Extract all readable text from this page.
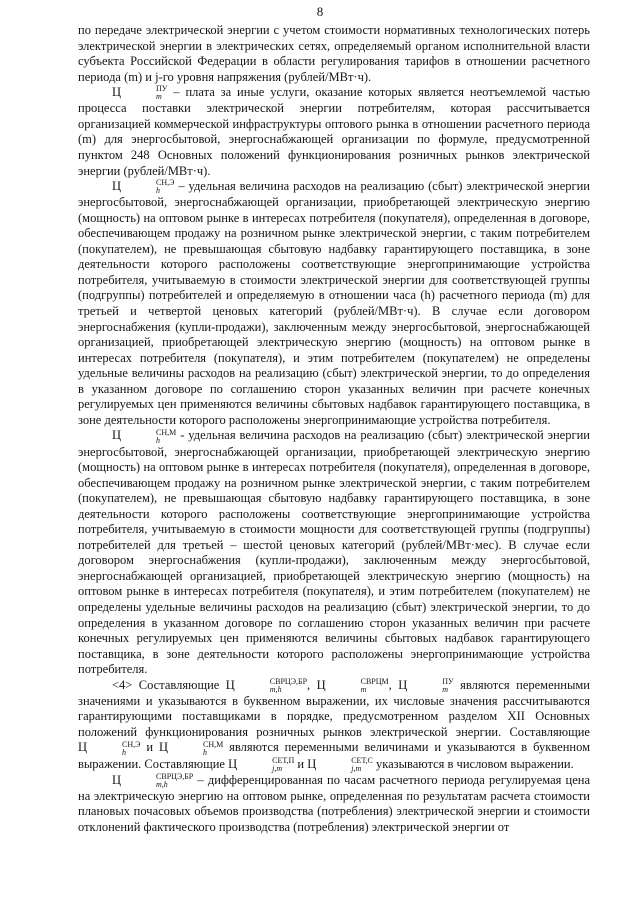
8

по передаче электрической энергии с учетом стоимости нормативных технологических потерь электрической энергии в электрических сетях, определяемый органом исполнительной власти субъекта Российской Федерации в области регулирования тарифов в отношении расчетного периода (m) и j-го уровня напряжения (рублей/МВт·ч).

Ц	ПУ
m – плата за иные услуги, оказание которых является неотъемлемой частью процесса поставки электрической энергии потребителям, которая рассчитывается организацией коммерческой инфраструктуры оптового рынка в отношении расчетного периода (m) для энергосбытовой, энергоснабжающей организации по формуле, предусмотренной пунктом 248 Основных положений функционирования розничных рынков электрической энергии (рублей/МВт·ч).

Ц	СН,Э
h	– удельная величина расходов на реализацию (сбыт) электрической энергии энергосбытовой, энергоснабжающей организации, приобретающей электрическую энергию (мощность) на оптовом рынке в интересах потребителя (покупателя), определенная в договоре, обеспечивающем продажу на розничном рынке электрической энергии, с таким потребителем (покупателем), не превышающая сбытовую надбавку гарантирующего поставщика, в зоне деятельности которого расположены соответствующие энергопринимающие устройства потребителя, учитываемую в стоимости электрической энергии для соответствующей группы (подгруппы) потребителей и определяемую в отношении часа (h) расчетного периода (m) для третьей и четвертой ценовых категорий (рублей/МВт·ч). В случае если договором энергоснабжения (купли-продажи), заключенным между энергосбытовой, энергоснабжающей организацией, приобретающей электрическую энергию (мощность) на оптовом рынке в интересах потребителя (покупателя), и этим потребителем (покупателем) не определены удельные величины расходов на реализацию (сбыт) электрической энергии, то до определения в указанном договоре по соглашению сторон указанных величин при расчете конечных регулируемых цен применяются величины сбытовых надбавок гарантирующего поставщика, в зоне деятельности которого расположены энергопринимающие устройства потребителя.

Ц	СН,М
h	- удельная величина расходов на реализацию (сбыт) электрической энергии энергосбытовой, энергоснабжающей организации, приобретающей электрическую энергию (мощность) на оптовом рынке в интересах потребителя (покупателя), определенная в договоре, обеспечивающем продажу на розничном рынке электрической энергии, с таким потребителем (покупателем), не превышающая сбытовую надбавку гарантирующего поставщика, в зоне деятельности которого расположены соответствующие энергопринимающие устройства потребителя, учитываемую в стоимости мощности для соответствующей группы (подгруппы) потребителей для третьей – шестой ценовых категорий (рублей/МВт·мес). В случае если договором энергоснабжения (купли-продажи), заключенным между энергосбытовой, энергоснабжающей организацией, приобретающей электрическую энергию (мощность) на оптовом рынке в интересах потребителя (покупателя), и этим потребителем (покупателем) не определены удельные величины расходов на реализацию (сбыт) электрической энергии, то до определения в указанном договоре по соглашению сторон указанных величин при расчете конечных регулируемых цен применяются величины сбытовых надбавок гарантирующего поставщика, в зоне деятельности которого расположены энергопринимающие устройства потребителя.

<4> Составляющие Ц	СВРЦЭ,БР
m,h	, Ц	СВРЦМ
m	, Ц	ПУ
m являются переменными значениями и указываются в буквенном выражении, их числовые значения рассчитываются гарантирующими поставщиками в порядке, предусмотренном разделом XII Основных положений функционирования розничных рынков электрической энергии. Составляющие Ц	СН,Э
h	и Ц	СН,М
h	являются переменными величинами и указываются в буквенном выражении. Составляющие Ц	СЕТ,П
j,m и Ц	СЕТ,С
j,m указываются в числовом выражении.

Ц	СВРЦЭ,БР
m,h	– дифференцированная по часам расчетного периода регулируемая цена на электрическую энергию на оптовом рынке, определенная по результатам расчета стоимости плановых почасовых объемов производства (потребления) электрической энергии и стоимости отклонений фактического производства (потребления) электрической энергии от
